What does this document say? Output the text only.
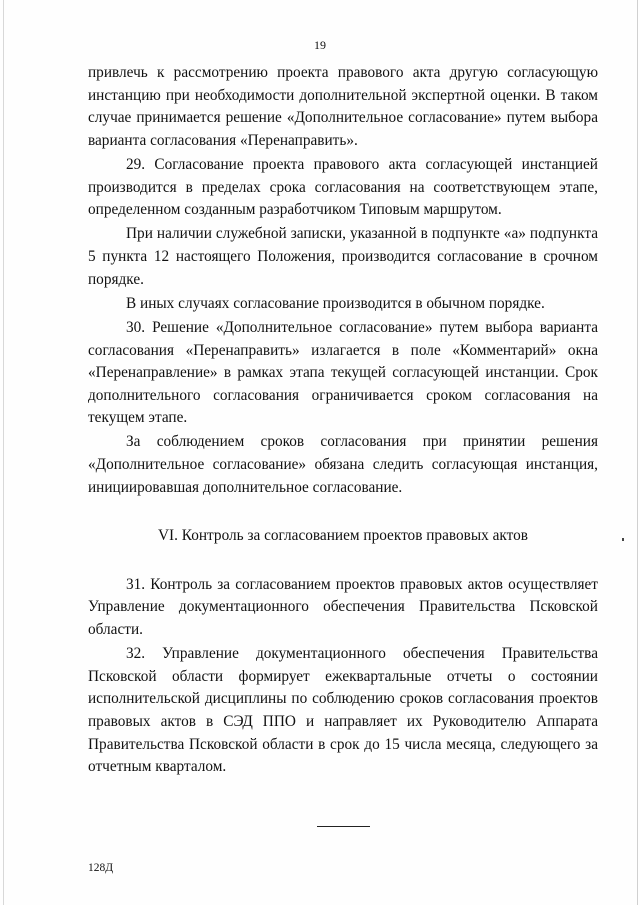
19

привлечь к рассмотрению проекта правового акта другую согласующую инстанцию при необходимости дополнительной экспертной оценки. В таком случае принимается решение «Дополнительное согласование» путем выбора варианта согласования «Перенаправить».

29. Согласование проекта правового акта согласующей инстанцией производится в пределах срока согласования на соответствующем этапе, определенном созданным разработчиком Типовым маршрутом.

При наличии служебной записки, указанной в подпункте «а» подпункта 5 пункта 12 настоящего Положения, производится согласование в срочном порядке.

В иных случаях согласование производится в обычном порядке.

30. Решение «Дополнительное согласование» путем выбора варианта согласования «Перенаправить» излагается в поле «Комментарий» окна «Перенаправление» в рамках этапа текущей согласующей инстанции. Срок дополнительного согласования ограничивается сроком согласования на текущем этапе.

За соблюдением сроков согласования при принятии решения «Дополнительное согласование» обязана следить согласующая инстанция, инициировавшая дополнительное согласование.

VI. Контроль за согласованием проектов правовых актов

31. Контроль за согласованием проектов правовых актов осуществляет Управление документационного обеспечения Правительства Псковской области.

32. Управление документационного обеспечения Правительства Псковской области формирует ежеквартальные отчеты о состоянии исполнительской дисциплины по соблюдению сроков согласования проектов правовых актов в СЭД ППО и направляет их Руководителю Аппарата Правительства Псковской области в срок до 15 числа месяца, следующего за отчетным кварталом.

128Д
